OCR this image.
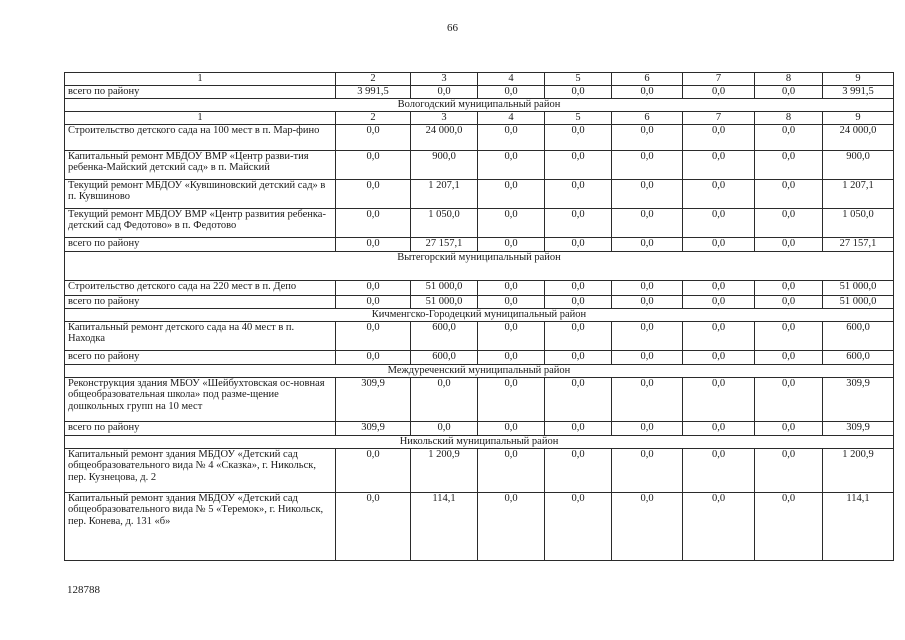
66
1	2	3	4	5	6	7	8	9
всего по району	3 991,5	0,0	0,0	0,0	0,0	0,0	0,0	3 991,5
Вологодский муниципальный район								
1	2	3	4	5	6	7	8	9
Строительство детского сада на 100 мест в п. Мар-фино	0,0	24 000,0	0,0	0,0	0,0	0,0	0,0	24 000,0
Капитальный ремонт МБДОУ ВМР «Центр разви-тия ребенка-Майский детский сад» в п. Майский	0,0	900,0	0,0	0,0	0,0	0,0	0,0	900,0
Текущий ремонт МБДОУ «Кувшиновский детский сад» в п. Кувшиново	0,0	1 207,1	0,0	0,0	0,0	0,0	0,0	1 207,1
Текущий ремонт МБДОУ ВМР «Центр развития ребенка-детский сад Федотово» в п. Федотово	0,0	1 050,0	0,0	0,0	0,0	0,0	0,0	1 050,0
всего по району	0,0	27 157,1	0,0	0,0	0,0	0,0	0,0	27 157,1
Вытегорский муниципальный район								
Строительство детского сада на 220 мест в п. Депо	0,0	51 000,0	0,0	0,0	0,0	0,0	0,0	51 000,0
всего по району	0,0	51 000,0	0,0	0,0	0,0	0,0	0,0	51 000,0
Кичменгско-Городецкий муниципальный район								
Капитальный ремонт детского сада на 40 мест в п. Находка	0,0	600,0	0,0	0,0	0,0	0,0	0,0	600,0
всего по району	0,0	600,0	0,0	0,0	0,0	0,0	0,0	600,0
Междуреченский муниципальный район								
Реконструкция здания МБОУ «Шейбухтовская ос-новная общеобразовательная школа» под разме-щение дошкольных групп на 10 мест	309,9	0,0	0,0	0,0	0,0	0,0	0,0	309,9
всего по району	309,9	0,0	0,0	0,0	0,0	0,0	0,0	309,9
Никольский муниципальный район								
Капитальный ремонт здания МБДОУ «Детский сад общеобразовательного вида № 4 «Сказка», г. Никольск, пер. Кузнецова, д. 2	0,0	1 200,9	0,0	0,0	0,0	0,0	0,0	1 200,9
Капитальный ремонт здания МБДОУ «Детский сад общеобразовательного вида № 5 «Теремок», г. Никольск, пер. Конева, д. 131 «б»	0,0	114,1	0,0	0,0	0,0	0,0	0,0	114,1
128788
